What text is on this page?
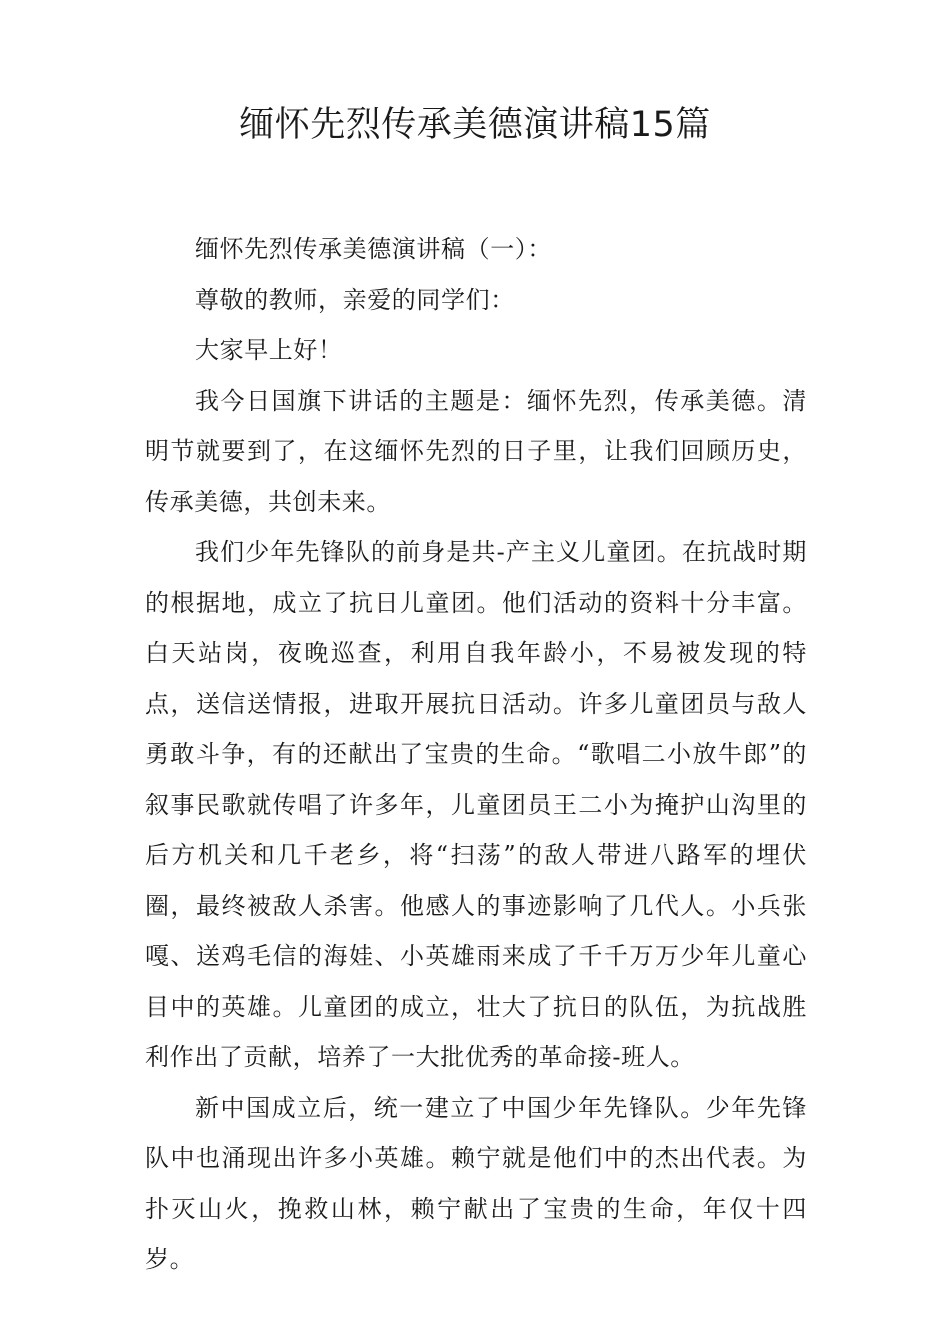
缅怀先烈传承美德演讲稿15篇

缅怀先烈传承美德演讲稿（一）：

尊敬的教师，亲爱的同学们：

大家早上好！

我今日国旗下讲话的主题是：缅怀先烈，传承美德。清明节就要到了，在这缅怀先烈的日子里，让我们回顾历史，传承美德，共创未来。

我们少年先锋队的前身是共-产主义儿童团。在抗战时期的根据地，成立了抗日儿童团。他们活动的资料十分丰富。白天站岗，夜晚巡查，利用自我年龄小，不易被发现的特点，送信送情报，进取开展抗日活动。许多儿童团员与敌人勇敢斗争，有的还献出了宝贵的生命。“歌唱二小放牛郎”的叙事民歌就传唱了许多年，儿童团员王二小为掩护山沟里的后方机关和几千老乡，将“扫荡”的敌人带进八路军的埋伏圈，最终被敌人杀害。他感人的事迹影响了几代人。小兵张嘎、送鸡毛信的海娃、小英雄雨来成了千千万万少年儿童心目中的英雄。儿童团的成立，壮大了抗日的队伍，为抗战胜利作出了贡献，培养了一大批优秀的革命接-班人。

新中国成立后，统一建立了中国少年先锋队。少年先锋队中也涌现出许多小英雄。赖宁就是他们中的杰出代表。为扑灭山火，挽救山林，赖宁献出了宝贵的生命，年仅十四岁。
